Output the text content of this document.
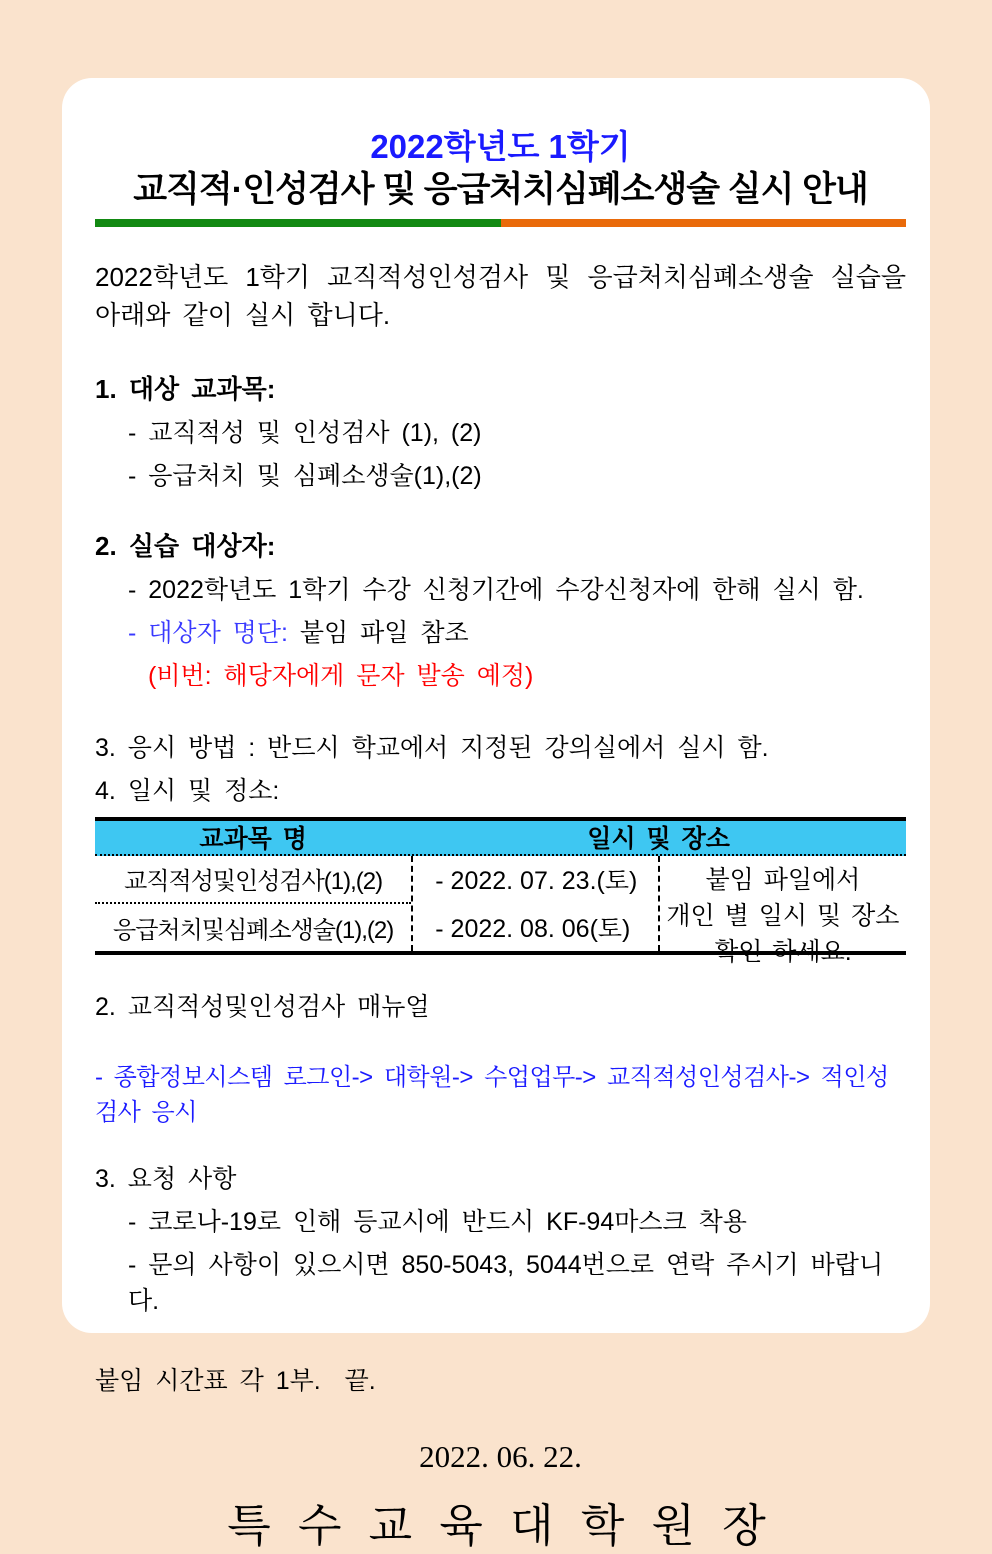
2022학년도 1학기
교직적·인성검사 및 응급처치심폐소생술 실시 안내
2022학년도 1학기 교직적성인성검사 및 응급처치심폐소생술 실습을
아래와 같이 실시 합니다.
1. 대상 교과목:
- 교직적성 및 인성검사 (1), (2)
- 응급처치 및 심폐소생술(1),(2)
2. 실습 대상자:
- 2022학년도 1학기 수강 신청기간에 수강신청자에 한해 실시 함.
- 대상자 명단: 붙임 파일 참조
(비번: 해당자에게 문자 발송 예정)
3. 응시 방법 : 반드시 학교에서 지정된 강의실에서 실시 함.
4. 일시 및 정소:
교과목 명	일시 및 장소
교직적성및인성검사(1),(2)
응급처치및심폐소생술(1),(2)
- 2022. 07. 23.(토)
- 2022. 08. 06(토)
붙임 파일에서
개인 별 일시 및 장소
확인 하세요.
2. 교직적성및인성검사 매뉴얼
- 종합정보시스템 로그인-> 대학원-> 수업업무-> 교직적성인성검사-> 적인성검사 응시
3. 요청 사항
- 코로나-19로 인해 등교시에 반드시 KF-94마스크 착용
- 문의 사항이 있으시면 850-5043, 5044번으로 연락 주시기 바랍니다.
붙임 시간표 각 1부.  끝.
2022. 06. 22.
특 수 교 육 대 학 원 장
